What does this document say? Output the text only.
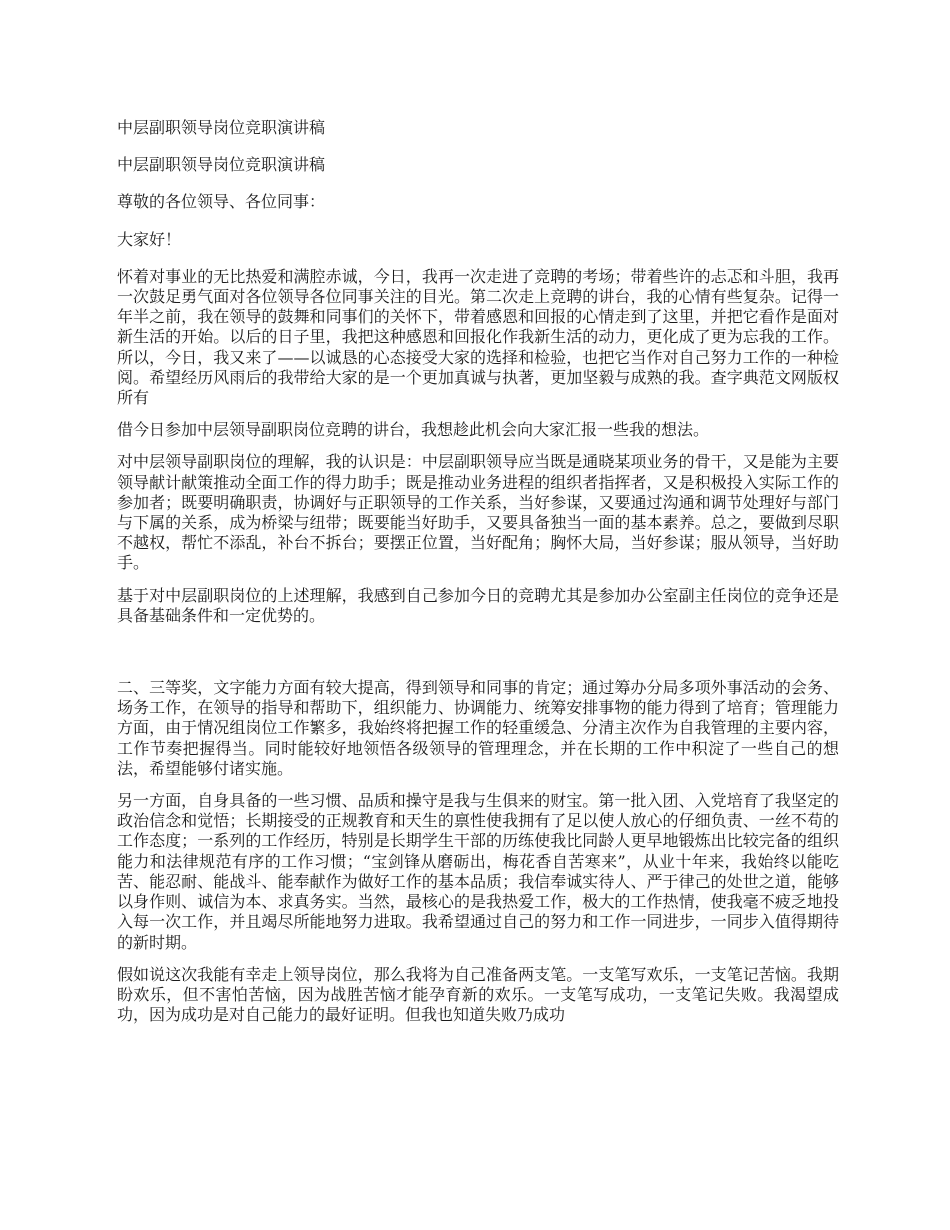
中层副职领导岗位竞职演讲稿

中层副职领导岗位竞职演讲稿

尊敬的各位领导、各位同事：

大家好！

怀着对事业的无比热爱和满腔赤诚，今日，我再一次走进了竞聘的考场；带着些许的忐忑和斗胆，我再一次鼓足勇气面对各位领导各位同事关注的目光。第二次走上竞聘的讲台，我的心情有些复杂。记得一年半之前，我在领导的鼓舞和同事们的关怀下，带着感恩和回报的心情走到了这里，并把它看作是面对新生活的开始。以后的日子里，我把这种感恩和回报化作我新生活的动力，更化成了更为忘我的工作。所以，今日，我又来了——以诚恳的心态接受大家的选择和检验，也把它当作对自己努力工作的一种检阅。希望经历风雨后的我带给大家的是一个更加真诚与执著，更加坚毅与成熟的我。查字典范文网版权所有

借今日参加中层领导副职岗位竞聘的讲台，我想趁此机会向大家汇报一些我的想法。

对中层领导副职岗位的理解，我的认识是：中层副职领导应当既是通晓某项业务的骨干，又是能为主要领导献计献策推动全面工作的得力助手；既是推动业务进程的组织者指挥者，又是积极投入实际工作的参加者；既要明确职责，协调好与正职领导的工作关系，当好参谋，又要通过沟通和调节处理好与部门与下属的关系，成为桥梁与纽带；既要能当好助手，又要具备独当一面的基本素养。总之，要做到尽职不越权，帮忙不添乱，补台不拆台；要摆正位置，当好配角；胸怀大局，当好参谋；服从领导，当好助手。

基于对中层副职岗位的上述理解，我感到自己参加今日的竞聘尤其是参加办公室副主任岗位的竞争还是具备基础条件和一定优势的。

二、三等奖，文字能力方面有较大提高，得到领导和同事的肯定；通过筹办分局多项外事活动的会务、场务工作，在领导的指导和帮助下，组织能力、协调能力、统筹安排事物的能力得到了培育；管理能力方面，由于情况组岗位工作繁多，我始终将把握工作的轻重缓急、分清主次作为自我管理的主要内容，工作节奏把握得当。同时能较好地领悟各级领导的管理理念，并在长期的工作中积淀了一些自己的想法，希望能够付诸实施。

另一方面，自身具备的一些习惯、品质和操守是我与生俱来的财宝。第一批入团、入党培育了我坚定的政治信念和觉悟；长期接受的正规教育和天生的禀性使我拥有了足以使人放心的仔细负责、一丝不苟的工作态度；一系列的工作经历，特别是长期学生干部的历练使我比同龄人更早地锻炼出比较完备的组织能力和法律规范有序的工作习惯；“宝剑锋从磨砺出，梅花香自苦寒来”，从业十年来，我始终以能吃苦、能忍耐、能战斗、能奉献作为做好工作的基本品质；我信奉诚实待人、严于律己的处世之道，能够以身作则、诚信为本、求真务实。当然，最核心的是我热爱工作，极大的工作热情，使我毫不疲乏地投入每一次工作，并且竭尽所能地努力进取。我希望通过自己的努力和工作一同进步，一同步入值得期待的新时期。

假如说这次我能有幸走上领导岗位，那么我将为自己准备两支笔。一支笔写欢乐，一支笔记苦恼。我期盼欢乐，但不害怕苦恼，因为战胜苦恼才能孕育新的欢乐。一支笔写成功，一支笔记失败。我渴望成功，因为成功是对自己能力的最好证明。但我也知道失败乃成功
